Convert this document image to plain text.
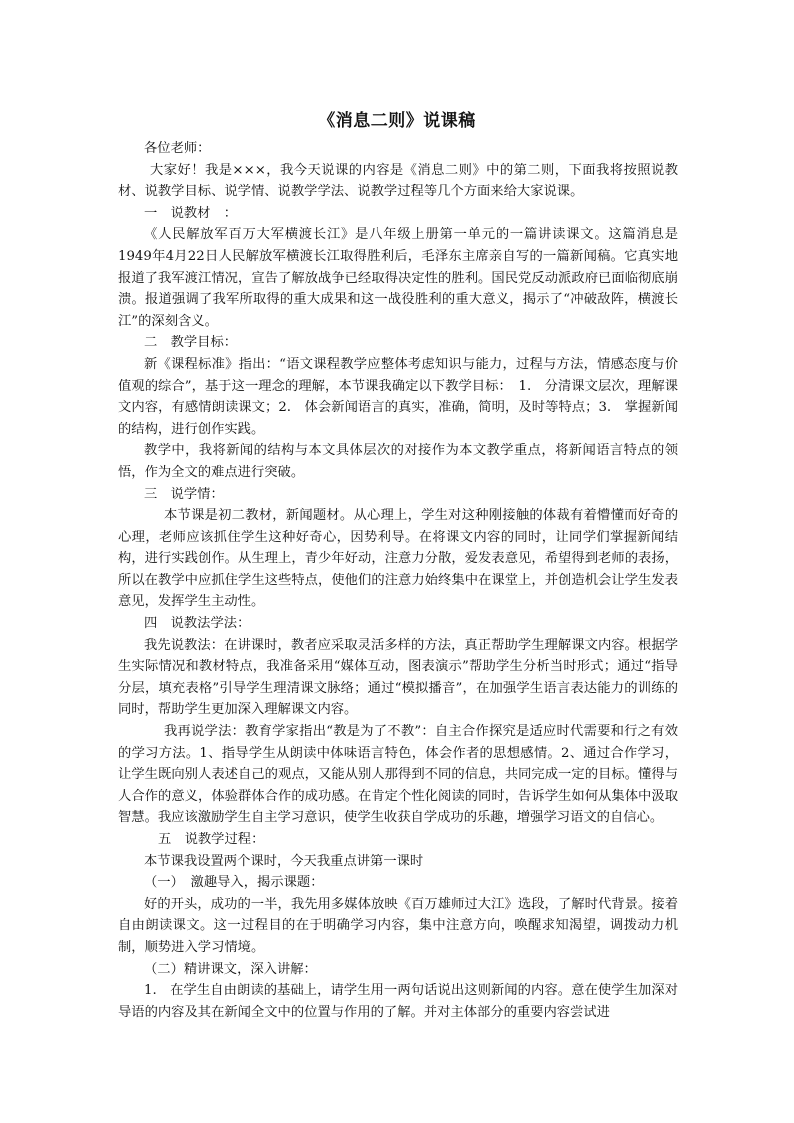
《消息二则》说课稿

各位老师：

大家好！我是×××，我今天说课的内容是《消息二则》中的第二则，下面我将按照说教材、说教学目标、说学情、说教学学法、说教学过程等几个方面来给大家说课。

一　说教材　：

《人民解放军百万大军横渡长江》是八年级上册第一单元的一篇讲读课文。这篇消息是1949年4月22日人民解放军横渡长江取得胜利后，毛泽东主席亲自写的一篇新闻稿。它真实地报道了我军渡江情况，宣告了解放战争已经取得决定性的胜利。国民党反动派政府已面临彻底崩溃。报道强调了我军所取得的重大成果和这一战役胜利的重大意义，揭示了“冲破敌阵，横渡长江”的深刻含义。

二　教学目标：

新《课程标准》指出：“语文课程教学应整体考虑知识与能力，过程与方法，情感态度与价值观的综合”，基于这一理念的理解，本节课我确定以下教学目标：　1.　分清课文层次，理解课文内容，有感情朗读课文；2.　体会新闻语言的真实，准确，简明，及时等特点；3.　掌握新闻的结构，进行创作实践。

教学中，我将新闻的结构与本文具体层次的对接作为本文教学重点，将新闻语言特点的领悟，作为全文的难点进行突破。

三　说学情：

本节课是初二教材，新闻题材。从心理上，学生对这种刚接触的体裁有着懵懂而好奇的心理，老师应该抓住学生这种好奇心，因势利导。在将课文内容的同时，让同学们掌握新闻结构，进行实践创作。从生理上，青少年好动，注意力分散，爱发表意见，希望得到老师的表扬，所以在教学中应抓住学生这些特点，使他们的注意力始终集中在课堂上，并创造机会让学生发表意见，发挥学生主动性。

四　说教法学法：

我先说教法：在讲课时，教者应采取灵活多样的方法，真正帮助学生理解课文内容。根据学生实际情况和教材特点，我准备采用“媒体互动，图表演示”帮助学生分析当时形式；通过“指导分层，填充表格”引导学生理清课文脉络；通过“模拟播音”，在加强学生语言表达能力的训练的同时，帮助学生更加深入理解课文内容。

我再说学法：教育学家指出“教是为了不教”：自主合作探究是适应时代需要和行之有效的学习方法。1、指导学生从朗读中体味语言特色，体会作者的思想感情。2、通过合作学习，让学生既向别人表述自己的观点，又能从别人那得到不同的信息，共同完成一定的目标。懂得与人合作的意义，体验群体合作的成功感。在肯定个性化阅读的同时，告诉学生如何从集体中汲取智慧。我应该激励学生自主学习意识，使学生收获自学成功的乐趣，增强学习语文的自信心。

五　说教学过程：

本节课我设置两个课时，今天我重点讲第一课时

（一）　激趣导入，揭示课题：

好的开头，成功的一半，我先用多媒体放映《百万雄师过大江》选段，了解时代背景。接着自由朗读课文。这一过程目的在于明确学习内容，集中注意方向，唤醒求知渴望，调拨动力机制，顺势进入学习情境。

（二）精讲课文，深入讲解：

1.　在学生自由朗读的基础上，请学生用一两句话说出这则新闻的内容。意在使学生加深对导语的内容及其在新闻全文中的位置与作用的了解。并对主体部分的重要内容尝试进
